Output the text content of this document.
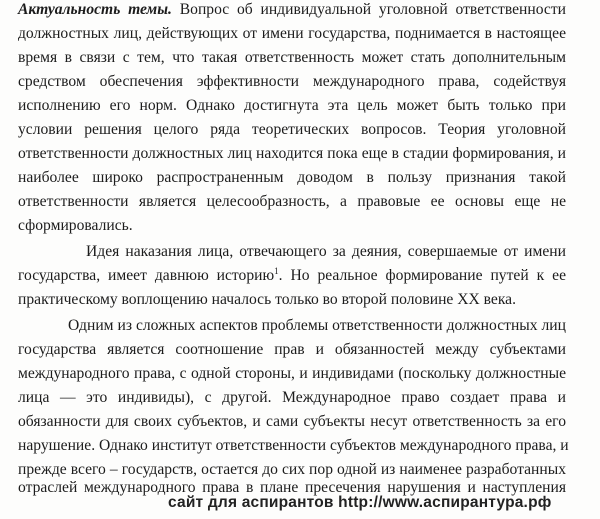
Актуальность темы. Вопрос об индивидуальной уголовной ответственности
должностных лиц, действующих от имени государства, поднимается в настоящее
время в связи с тем, что такая ответственность может стать дополнительным
средством обеспечения эффективности международного права, содействуя
исполнению его норм. Однако достигнута эта цель может быть только при
условии решения целого ряда теоретических вопросов. Теория уголовной
ответственности должностных лиц находится пока еще в стадии формирования, и
наиболее широко распространенным доводом в пользу признания такой
ответственности является целесообразность, а правовые ее основы еще не
сформировались.
Идея наказания лица, отвечающего за деяния, совершаемые от имени
государства, имеет давнюю историю$^1$. Но реальное формирование путей к ее
практическому воплощению началось только во второй половине ХХ века.
Одним из сложных аспектов проблемы ответственности должностных лиц
государства является соотношение прав и обязанностей между субъектами
международного права, с одной стороны, и индивидами (поскольку должностные
лица — это индивиды), с другой. Международное право создает права и
обязанности для своих субъектов, и сами субъекты несут ответственность за его
нарушение. Однако институт ответственности субъектов международного права, и
прежде всего – государств, остается до сих пор одной из наименее разработанных
отраслей международного права в плане пресечения нарушения и наступления
сайт для аспирантов http://www.аспирантура.рф
